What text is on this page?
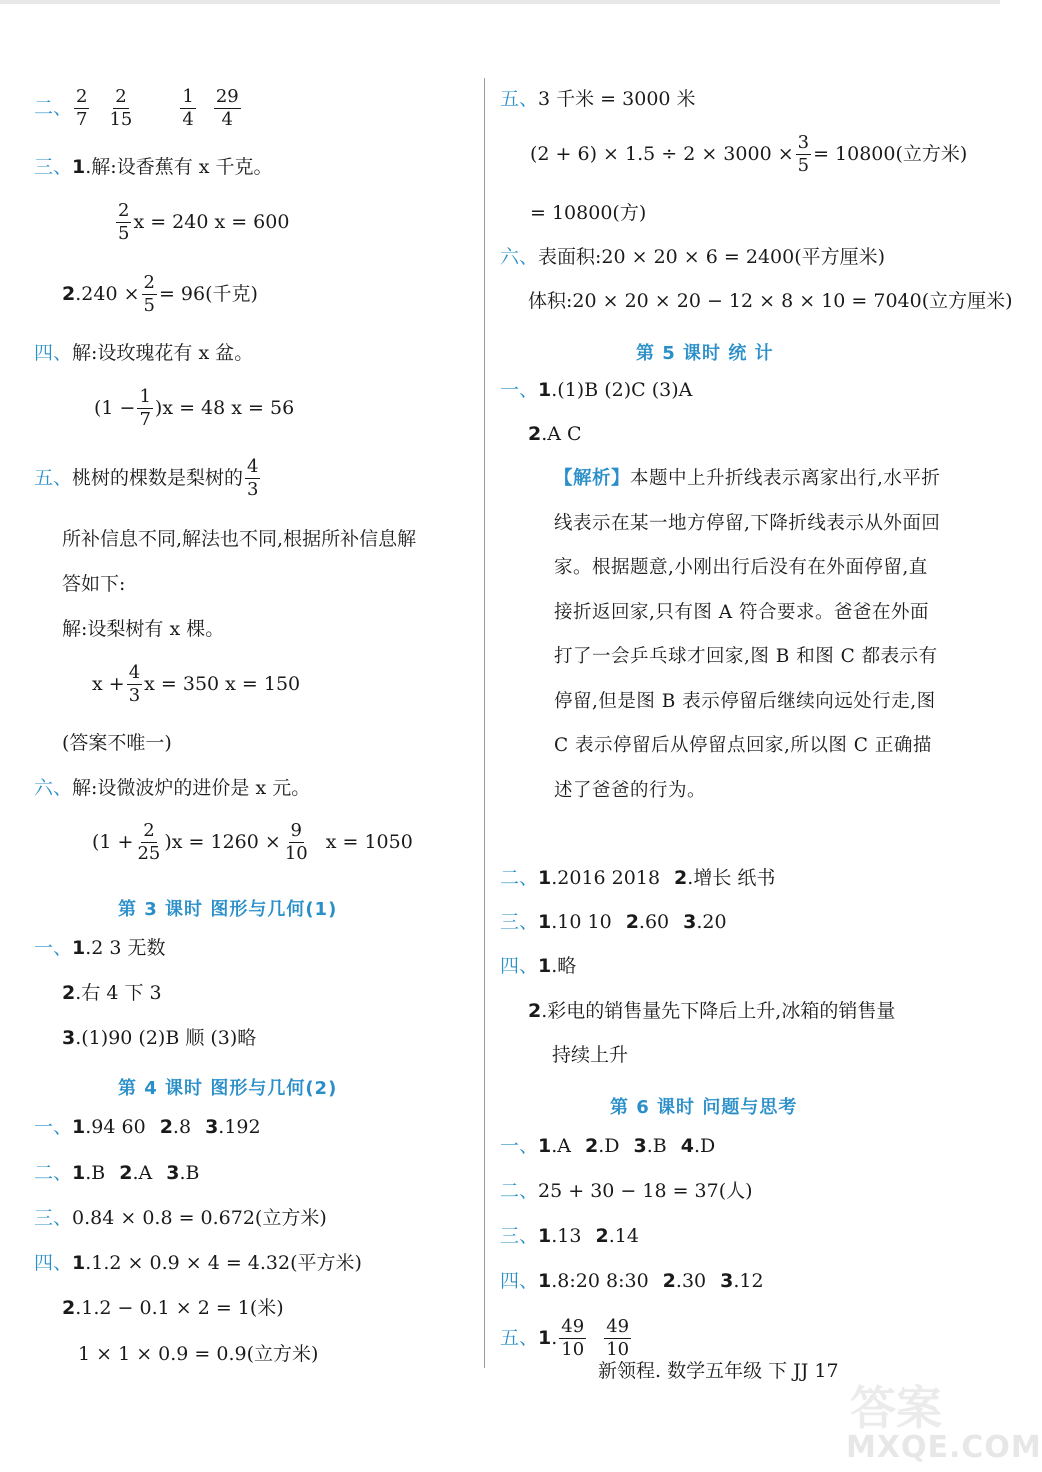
二、 $\frac{2}{7} \frac{2}{15}$	$\frac{1}{4} \frac{29}{4}$
三、 1 .解:设香蕉有 x 千克。
$\frac{2}{5}$ x = 240 x = 600
2 $.240 \times \frac{2}{5} = 96$(千克)
四、 解:设玫瑰花有 x 盆。
$(1 - \frac{1}{7} )x = 48$ x = 56
五、 桃树的棵数是梨树的 $\frac{4}{3}$
所补信息不同,解法也不同,根据所补信息解
答如下:
解:设梨树有 x 棵。
$x + \frac{4}{3}$ x = 350 x = 150
(答案不唯一)
六、 解:设微波炉的进价是 x 元。
$(1 + \frac{2}{25} )x = 1260 \times \frac{9}{10}$ x = 1050
第 3 课时 图形与几何(1)
一、 1 .2 3 无数
2 .右 4 下 3
3 .(1)90 (2)B 顺 (3)略
第 4 课时 图形与几何(2)
一、 1 .94 60 2 .8 3 .192
二、 1 .B 2 .A 3 .B
三、 0.84 × 0.8 = 0.672(立方米)
四、 1 .1.2 × 0.9 × 4 = 4.32(平方米)
2 .1.2 − 0.1 × 2 = 1(米)
1 × 1 × 0.9 = 0.9(立方米)
五、 3 千米 = 3000 米
$(2 + 6) \times 1.5 \div 2 \times 3000 \times \frac{3}{5} = 10800$(立方米)
= 10800(方)
六、 表面积:20 × 20 × 6 = 2400(平方厘米)
体积:20 × 20 × 20 − 12 × 8 × 10 = 7040(立方厘米)
第 5 课时 统 计
一、 1 .(1)B (2)C (3)A
2 .A C
【解析】本题中上升折线表示离家出行,水平折线表示在某一地方停留,下降折线表示从外面回家。根据题意,小刚出行后没有在外面停留,直接折返回家,只有图 A 符合要求。爸爸在外面打了一会乒乓球才回家,图 B 和图 C 都表示有停留,但是图 B 表示停留后继续向远处行走,图 C 表示停留后从停留点回家,所以图 C 正确描述了爸爸的行为。
二、 1 .2016 2018 2 .增长 纸书
三、 1 .10 10 2 .60 3 .20
四、 1 .略
2 .彩电的销售量先下降后上升,冰箱的销售量
持续上升
第 6 课时 问题与思考
一、 1 .A 2 .D 3 .B 4 .D
二、 25 + 30 − 18 = 37(人)
三、 1 .13 2 .14
四、 1 .8:20 8:30 2 .30 3 .12
五、 1 . $\frac{49}{10} \frac{49}{10}$
新领程. 数学五年级 下 JJ 17
答案
MXQE.COM
